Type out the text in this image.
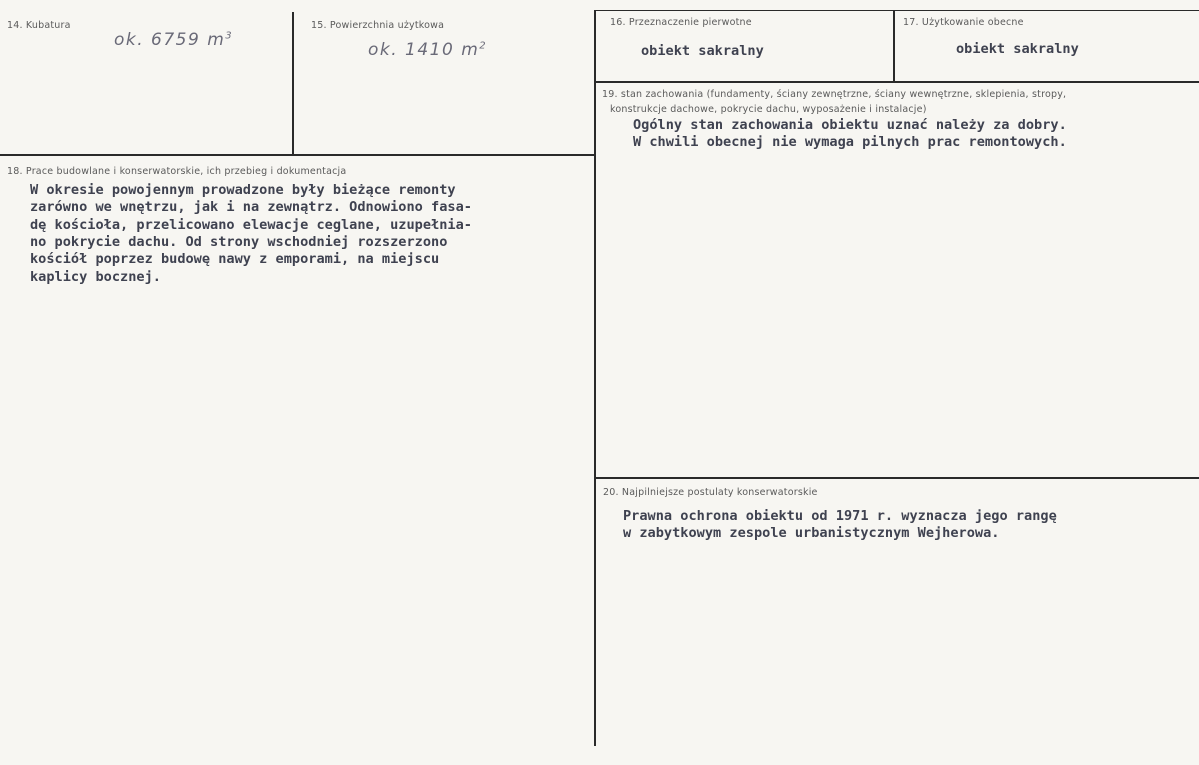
14. Kubatura
ok. 6759 $m^3$
15. Powierzchnia użytkowa
ok. 1410 $m^2$
16. Przeznaczenie pierwotne
obiekt sakralny
17. Użytkowanie obecne
obiekt sakralny
18. Prace budowlane i konserwatorskie, ich przebieg i dokumentacja
W okresie powojennym prowadzone były bieżące remonty
zarówno we wnętrzu, jak i na zewnątrz. Odnowiono fasa-
dę kościoła, przelicowano elewacje ceglane, uzupełnia-
no pokrycie dachu. Od strony wschodniej rozszerzono
kościół poprzez budowę nawy z emporami, na miejscu
kaplicy bocznej.
19. stan zachowania (fundamenty, ściany zewnętrzne, ściany wewnętrzne, sklepienia, stropy,
konstrukcje dachowe, pokrycie dachu, wyposażenie i instalacje)
Ogólny stan zachowania obiektu uznać należy za dobry.
W chwili obecnej nie wymaga pilnych prac remontowych.
20. Najpilniejsze postulaty konserwatorskie
Prawna ochrona obiektu od 1971 r. wyznacza jego rangę
w zabytkowym zespole urbanistycznym Wejherowa.
